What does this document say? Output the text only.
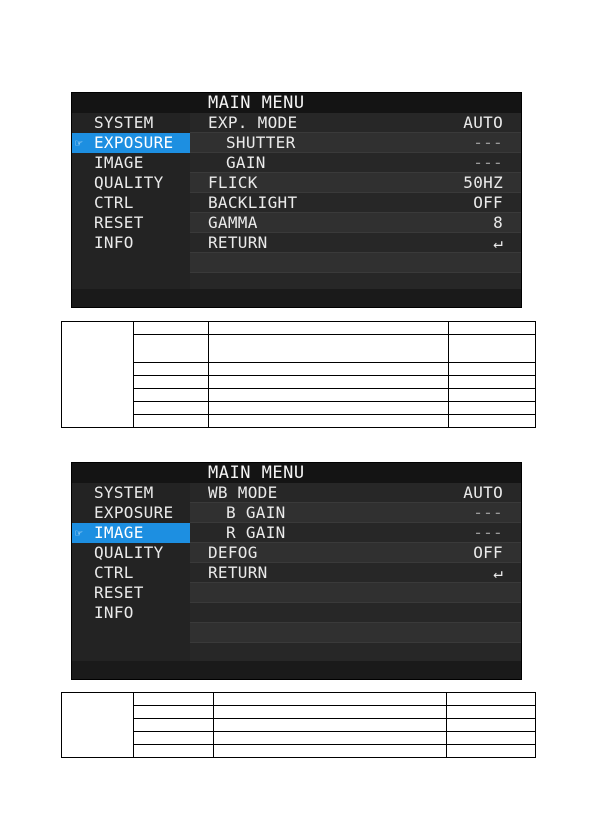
MAIN MENU
SYSTEM
☞ EXPOSURE
IMAGE
QUALITY
CTRL
RESET
INFO
EXP. MODE	AUTO
SHUTTER	---
GAIN	---
FLICK	50HZ
BACKLIGHT	OFF
GAMMA	8
RETURN	↵

MAIN MENU
SYSTEM
EXPOSURE
☞ IMAGE
QUALITY
CTRL
RESET
INFO
WB MODE	AUTO
B GAIN	---
R GAIN	---
DEFOG	OFF
RETURN	↵
